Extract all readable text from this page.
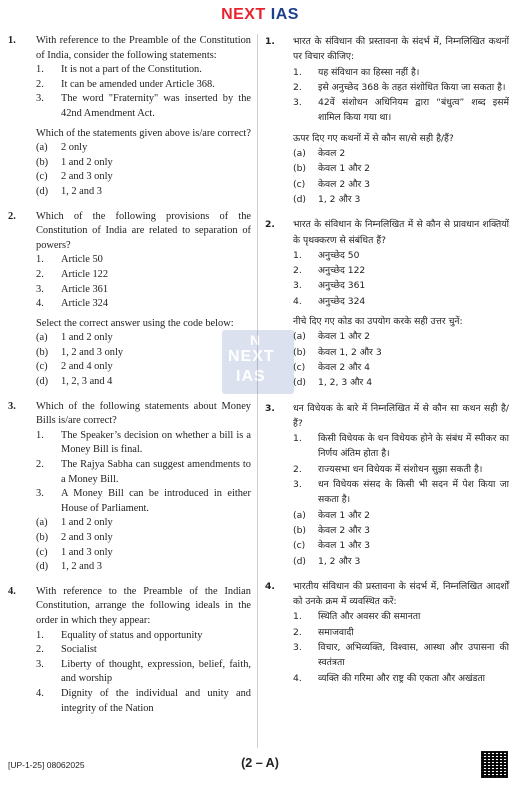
NEXT IAS
1.	With reference to the Preamble of the Constitution of India, consider the following statements:
1.	It is not a part of the Constitution.
2.	It can be amended under Article 368.
3.	The word "Fraternity" was inserted by the 42nd Amendment Act.
Which of the statements given above is/are correct?
(a)	2 only
(b)	1 and 2 only
(c)	2 and 3 only
(d)	1, 2 and 3
2.	Which of the following provisions of the Constitution of India are related to separation of powers?
1.	Article 50
2.	Article 122
3.	Article 361
4.	Article 324
Select the correct answer using the code below:
(a)	1 and 2 only
(b)	1, 2 and 3 only
(c)	2 and 4 only
(d)	1, 2, 3 and 4
3.	Which of the following statements about Money Bills is/are correct?
1.	The Speaker’s decision on whether a bill is a Money Bill is final.
2.	The Rajya Sabha can suggest amendments to a Money Bill.
3.	A Money Bill can be introduced in either House of Parliament.
(a)	1 and 2 only
(b)	2 and 3 only
(c)	1 and 3 only
(d)	1, 2 and 3
4.	With reference to the Preamble of the Indian Constitution, arrange the following ideals in the order in which they appear:
1.	Equality of status and opportunity
2.	Socialist
3.	Liberty of thought, expression, belief, faith, and worship
4.	Dignity of the individual and unity and integrity of the Nation
1.	भारत के संविधान की प्रस्तावना के संदर्भ में, निम्नलिखित कथनों पर विचार कीजिए:
1.	यह संविधान का हिस्सा नहीं है।
2.	इसे अनुच्छेद 368 के तहत संशोधित किया जा सकता है।
3.	42वें संशोधन अधिनियम द्वारा “बंधुत्व” शब्द इसमें शामिल किया गया था।
ऊपर दिए गए कथनों में से कौन सा/से सही है/हैं?
(a)	केवल 2
(b)	केवल 1 और 2
(c)	केवल 2 और 3
(d)	1, 2 और 3
2.	भारत के संविधान के निम्नलिखित में से कौन से प्रावधान शक्तियों के पृथक्करण से संबंधित हैं?
1.	अनुच्छेद 50
2.	अनुच्छेद 122
3.	अनुच्छेद 361
4.	अनुच्छेद 324
नीचे दिए गए कोड का उपयोग करके सही उत्तर चुनें:
(a)	केवल 1 और 2
(b)	केवल 1, 2 और 3
(c)	केवल 2 और 4
(d)	1, 2, 3 और 4
3.	धन विधेयक के बारे में निम्नलिखित में से कौन सा कथन सही है/हैं?
1.	किसी विधेयक के धन विधेयक होने के संबंध में स्पीकर का निर्णय अंतिम होता है।
2.	राज्यसभा धन विधेयक में संशोधन सुझा सकती है।
3.	धन विधेयक संसद के किसी भी सदन में पेश किया जा सकता है।
(a)	केवल 1 और 2
(b)	केवल 2 और 3
(c)	केवल 1 और 3
(d)	1, 2 और 3
4.	भारतीय संविधान की प्रस्तावना के संदर्भ में, निम्नलिखित आदर्शों को उनके क्रम में व्यवस्थित करें:
1.	स्थिति और अवसर की समानता
2.	समाजवादी
3.	विचार, अभिव्यक्ति, विश्वास, आस्था और उपासना की स्वतंत्रता
4.	व्यक्ति की गरिमा और राष्ट्र की एकता और अखंडता
N
NEXT
IAS
[UP-1-25] 08062025	(2 – A)
